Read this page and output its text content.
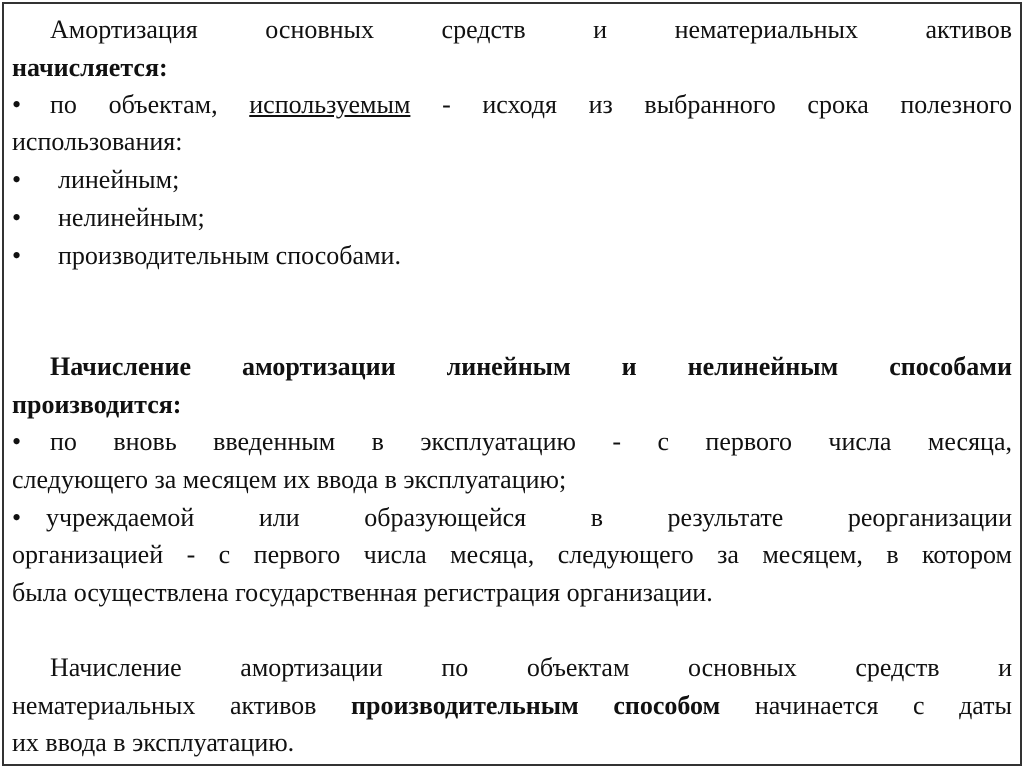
Амортизация основных средств и нематериальных активов
начисляется:
• по объектам, используемым - исходя из выбранного срока полезного
использования:
• линейным;
• нелинейным;
• производительным способами.
Начисление амортизации линейным и нелинейным способами
производится:
• по вновь введенным в эксплуатацию - с первого числа месяца,
следующего за месяцем их ввода в эксплуатацию;
• учреждаемой или образующейся в результате реорганизации
организацией - с первого числа месяца, следующего за месяцем, в котором
была осуществлена государственная регистрация организации.
Начисление амортизации по объектам основных средств и
нематериальных активов производительным способом начинается с даты
их ввода в эксплуатацию.
